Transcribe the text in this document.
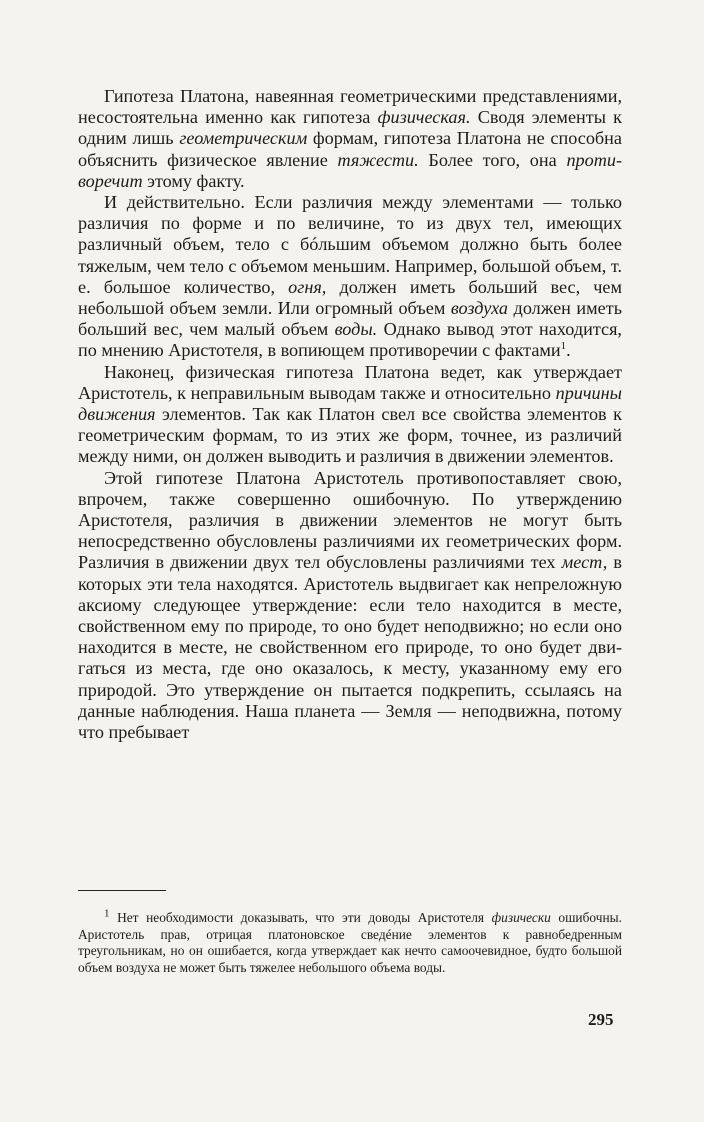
Гипотеза Платона, навеянная геометрическими представлениями, несостоятельна именно как гипотеза физическая. Сводя элементы к одним лишь геометрическим формам, гипотеза Платона не способна объяснить физическое явление тяжести. Более того, она противоречит этому факту.

И действительно. Если различия между элементами — только различия по форме и по величине, то из двух тел, имеющих различный объем, тело с бóльшим объемом должно быть более тяжелым, чем тело с объемом меньшим. Например, большой объем, т. е. большое количество, огня, должен иметь больший вес, чем небольшой объем земли. Или огромный объем воздуха должен иметь больший вес, чем малый объем воды. Однако вывод этот находится, по мнению Аристотеля, в вопиющем противоречии с фактами$^1$.

Наконец, физическая гипотеза Платона ведет, как утверждает Аристотель, к неправильным выводам также и относительно причины движения элементов. Так как Платон свел все свойства элементов к геометрическим формам, то из этих же форм, точнее, из различий между ними, он должен выводить и различия в движении элементов.

Этой гипотезе Платона Аристотель противопоставляет свою, впрочем, также совершенно ошибочную. По утверждению Аристотеля, различия в движении элементов не могут быть непосредственно обусловлены различиями их геометрических форм. Различия в движении двух тел обусловлены различиями тех мест, в которых эти тела находятся. Аристотель выдвигает как непреложную аксиому следующее утверждение: если тело находится в месте, свойственном ему по природе, то оно будет неподвижно; но если оно находится в месте, не свойственном его природе, то оно будет двигаться из места, где оно оказалось, к месту, указанному ему его природой. Это утверждение он пытается подкрепить, ссылаясь на данные наблюдения. Наша планета — Земля — неподвижна, потому что пребывает

$^1$ Нет необходимости доказывать, что эти доводы Аристотеля физически ошибочны. Аристотель прав, отрицая платоновское сведéние элементов к равнобедренным треугольникам, но он ошибается, когда утверждает как нечто самоочевидное, будто большой объем воздуха не может быть тяжелее небольшого объема воды.
295
